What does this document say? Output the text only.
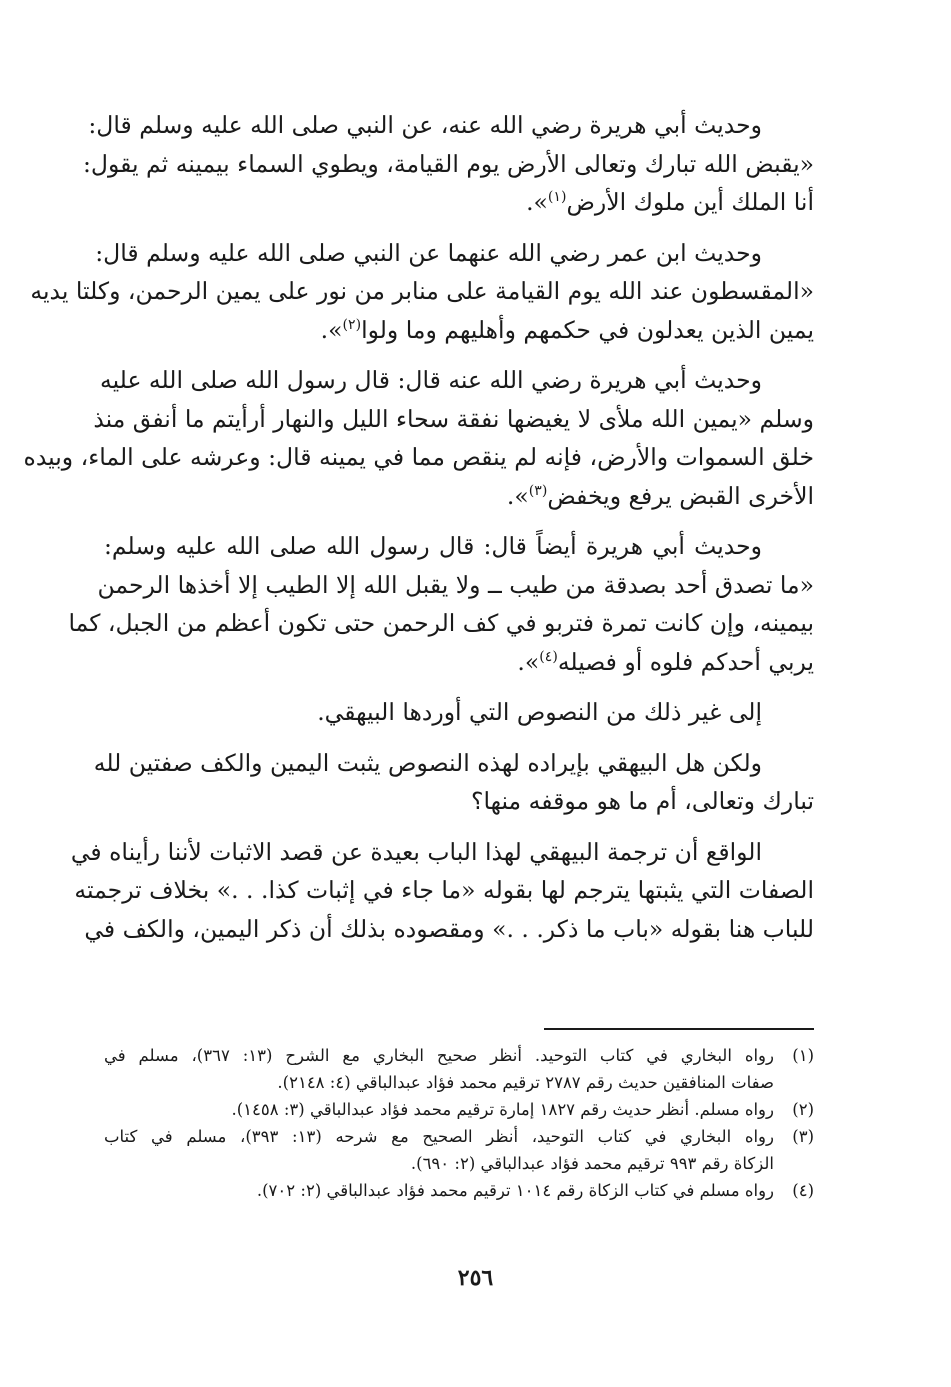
وحديث أبي هريرة رضي الله عنه، عن النبي صلى الله عليه وسلم قال:
«يقبض الله تبارك وتعالى الأرض يوم القيامة، ويطوي السماء بيمينه ثم يقول:
أنا الملك أين ملوك الأرض$^{(١)}$».
وحديث ابن عمر رضي الله عنهما عن النبي صلى الله عليه وسلم قال:
«المقسطون عند الله يوم القيامة على منابر من نور على يمين الرحمن، وكلتا يديه
يمين الذين يعدلون في حكمهم وأهليهم وما ولوا$^{(٢)}$».
وحديث أبي هريرة رضي الله عنه قال: قال رسول الله صلى الله عليه
وسلم «يمين الله ملأى لا يغيضها نفقة سحاء الليل والنهار أرأيتم ما أنفق منذ
خلق السموات والأرض، فإنه لم ينقص مما في يمينه قال: وعرشه على الماء، وبيده
الأخرى القبض يرفع ويخفض$^{(٣)}$».
وحديث أبي هريرة أيضاً قال: قال رسول الله صلى الله عليه وسلم:
«ما تصدق أحد بصدقة من طيب ــ ولا يقبل الله إلا الطيب إلا أخذها الرحمن
بيمينه، وإن كانت تمرة فتربو في كف الرحمن حتى تكون أعظم من الجبل، كما
يربي أحدكم فلوه أو فصيله$^{(٤)}$».
إلى غير ذلك من النصوص التي أوردها البيهقي.
ولكن هل البيهقي بإيراده لهذه النصوص يثبت اليمين والكف صفتين لله
تبارك وتعالى، أم ما هو موقفه منها؟
الواقع أن ترجمة البيهقي لهذا الباب بعيدة عن قصد الاثبات لأننا رأيناه في
الصفات التي يثبتها يترجم لها بقوله «ما جاء في إثبات كذا. . .» بخلاف ترجمته
للباب هنا بقوله «باب ما ذكر. . .» ومقصوده بذلك أن ذكر اليمين، والكف في
(١)
رواه البخاري في كتاب التوحيد. أنظر صحيح البخاري مع الشرح (١٣: ٣٦٧)، مسلم في
صفات المنافقين حديث رقم ٢٧٨٧ ترقيم محمد فؤاد عبدالباقي (٤: ٢١٤٨).
(٢)
رواه مسلم. أنظر حديث رقم ١٨٢٧ إمارة ترقيم محمد فؤاد عبدالباقي (٣: ١٤٥٨).
(٣)
رواه البخاري في كتاب التوحيد، أنظر الصحيح مع شرحه (١٣: ٣٩٣)، مسلم في كتاب
الزكاة رقم ٩٩٣ ترقيم محمد فؤاد عبدالباقي (٢: ٦٩٠).
(٤)
رواه مسلم في كتاب الزكاة رقم ١٠١٤ ترقيم محمد فؤاد عبدالباقي (٢: ٧٠٢).
٢٥٦
